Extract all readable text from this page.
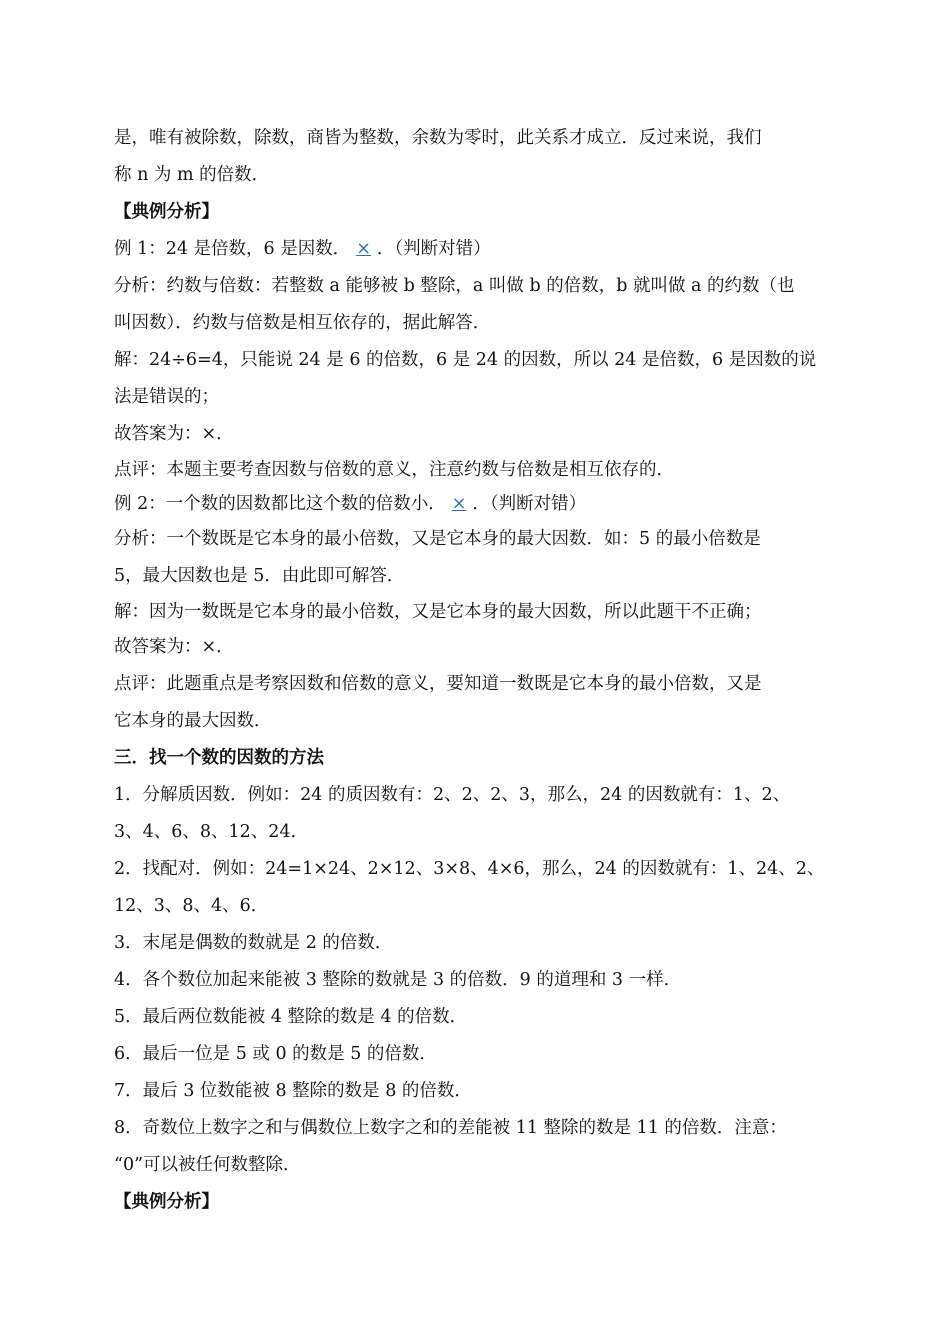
是，唯有被除数，除数，商皆为整数，余数为零时，此关系才成立．反过来说，我们
称 n 为 m 的倍数．
【典例分析】
例 1：24 是倍数，6 是因数． × ．（判断对错）
分析：约数与倍数：若整数 a 能够被 b 整除，a 叫做 b 的倍数，b 就叫做 a 的约数（也
叫因数）．约数与倍数是相互依存的，据此解答．
解：24÷6=4，只能说 24 是 6 的倍数，6 是 24 的因数，所以 24 是倍数，6 是因数的说
法是错误的；
故答案为：×．
点评：本题主要考查因数与倍数的意义，注意约数与倍数是相互依存的．
例 2：一个数的因数都比这个数的倍数小． × ．（判断对错）
分析：一个数既是它本身的最小倍数，又是它本身的最大因数．如：5 的最小倍数是
5，最大因数也是 5．由此即可解答．
解：因为一数既是它本身的最小倍数，又是它本身的最大因数，所以此题干不正确；
故答案为：×．
点评：此题重点是考察因数和倍数的意义，要知道一数既是它本身的最小倍数，又是
它本身的最大因数．
三．找一个数的因数的方法
1．分解质因数．例如：24 的质因数有：2、2、2、3，那么，24 的因数就有：1、2、
3、4、6、8、12、24．
2．找配对．例如：24=1×24、2×12、3×8、4×6，那么，24 的因数就有：1、24、2、
12、3、8、4、6．
3．末尾是偶数的数就是 2 的倍数．
4．各个数位加起来能被 3 整除的数就是 3 的倍数．9 的道理和 3 一样．
5．最后两位数能被 4 整除的数是 4 的倍数．
6．最后一位是 5 或 0 的数是 5 的倍数．
7．最后 3 位数能被 8 整除的数是 8 的倍数．
8．奇数位上数字之和与偶数位上数字之和的差能被 11 整除的数是 11 的倍数．注意：
“0”可以被任何数整除．
【典例分析】
